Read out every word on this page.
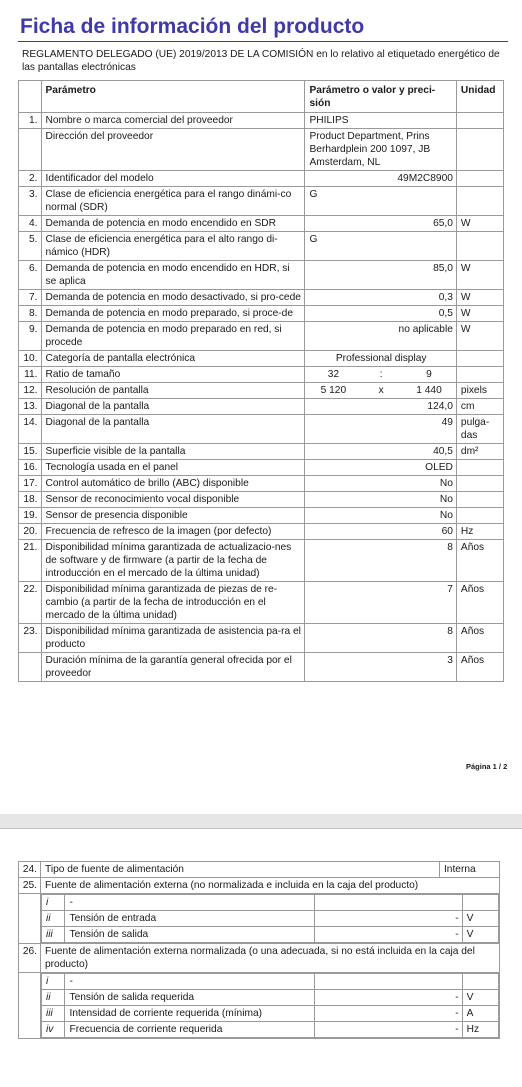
Ficha de información del producto
REGLAMENTO DELEGADO (UE) 2019/2013 DE LA COMISIÓN en lo relativo al etiquetado energético de las pantallas electrónicas
	Parámetro	Parámetro o valor y preci-sión	Unidad
1.	Nombre o marca comercial del proveedor	PHILIPS	
	Dirección del proveedor	Product Department, Prins Berhardplein 200 1097, JB Amsterdam, NL	
2.	Identificador del modelo	49M2C8900	
3.	Clase de eficiencia energética para el rango dinámi-co normal (SDR)	G	
4.	Demanda de potencia en modo encendido en SDR	65,0	W
5.	Clase de eficiencia energética para el alto rango di-námico (HDR)	G	
6.	Demanda de potencia en modo encendido en HDR, si se aplica	85,0	W
7.	Demanda de potencia en modo desactivado, si pro-cede	0,3	W
8.	Demanda de potencia en modo preparado, si proce-de	0,5	W
9.	Demanda de potencia en modo preparado en red, si procede	no aplicable	W
10.	Categoría de pantalla electrónica	Professional display	
11.	Ratio de tamaño	32 : 9	

12.	Resolución de pantalla	5 120 x 1 440	pixels
13.	Diagonal de la pantalla	124,0	cm
14.	Diagonal de la pantalla	49	pulga-das
15.	Superficie visible de la pantalla	40,5	dm²
16.	Tecnología usada en el panel	OLED	
17.	Control automático de brillo (ABC) disponible	No	
18.	Sensor de reconocimiento vocal disponible	No	
19.	Sensor de presencia disponible	No	
20.	Frecuencia de refresco de la imagen (por defecto)	60	Hz
21.	Disponibilidad mínima garantizada de actualizacio-nes de software y de firmware (a partir de la fecha de introducción en el mercado de la última unidad)	8	Años
22.	Disponibilidad mínima garantizada de piezas de re-cambio (a partir de la fecha de introducción en el mercado de la última unidad)	7	Años
23.	Disponibilidad mínima garantizada de asistencia pa-ra el producto	8	Años
	Duración mínima de la garantía general ofrecida por el proveedor	3	Años
Página 1 / 2
24.	Tipo de fuente de alimentación	Interna
25.	Fuente de alimentación externa (no normalizada e incluida en la caja del producto)

i	-		
ii	Tensión de entrada	-	V
iii	Tensión de salida	-	V

26.	Fuente de alimentación externa normalizada (o una adecuada, si no está incluida en la caja del producto)

i	-		
ii	Tensión de salida requerida	-	V
iii	Intensidad de corriente requerida (mínima)	-	A
iv	Frecuencia de corriente requerida	-	Hz
